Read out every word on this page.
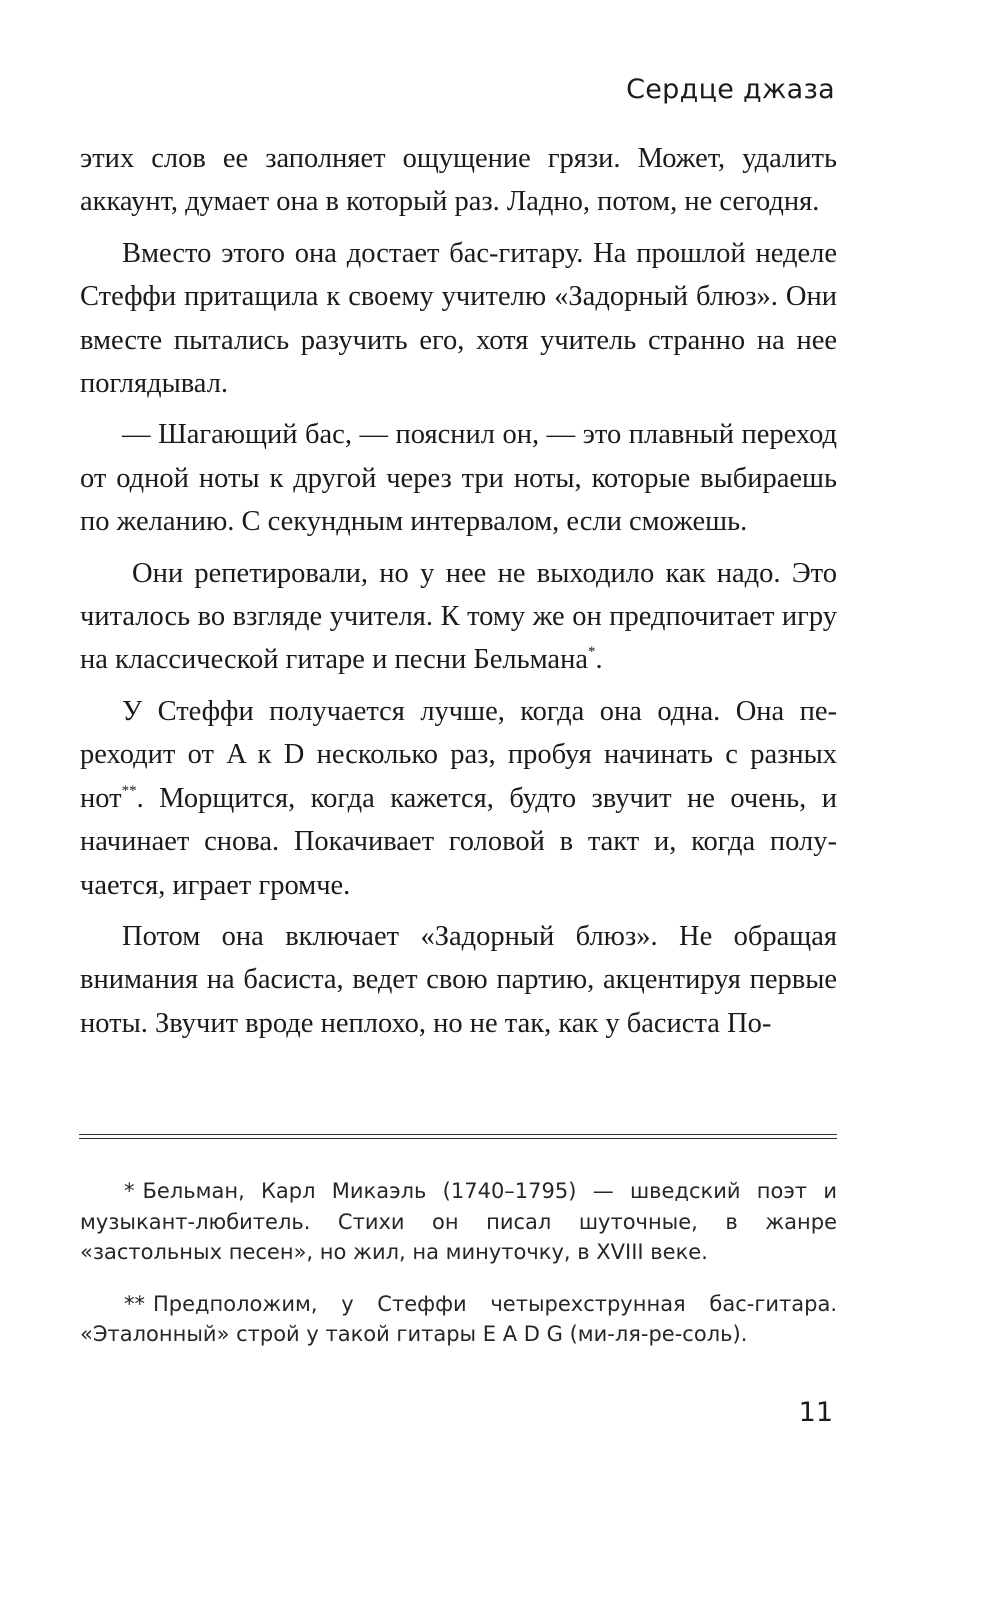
Сердце джаза

этих слов ее заполняет ощущение грязи. Может, удалить аккаунт, думает она в который раз. Ладно, потом, не сегодня.

Вместо этого она достает бас-гитару. На прошлой неделе Стеффи притащила к своему учителю «Задорный блюз». Они вместе пытались разучить его, хотя учитель странно на нее поглядывал.

— Шагающий бас, — пояснил он, — это плавный переход от одной ноты к другой через три ноты, которые выбираешь по желанию. С секундным интервалом, если сможешь.

Они репетировали, но у нее не выходило как надо. Это читалось во взгляде учителя. К тому же он предпочитает игру на классической гитаре и песни Бельмана*.

У Стеффи получается лучше, когда она одна. Она переходит от A к D несколько раз, пробуя начинать с разных нот**. Морщится, когда кажется, будто звучит не очень, и начинает снова. Покачивает головой в такт и, когда получается, играет громче.

Потом она включает «Задорный блюз». Не обращая внимания на басиста, ведет свою партию, акцентируя первые ноты. Звучит вроде неплохо, но не так, как у басиста По-

* Бельман, Карл Микаэль (1740–1795) — шведский поэт и музыкант-любитель. Стихи он писал шуточные, в жанре «застольных песен», но жил, на минуточку, в XVIII веке.

** Предположим, у Стеффи четырехструнная бас-гитара. «Эталонный» строй у такой гитары E A D G (ми-ля-ре-соль).

11
